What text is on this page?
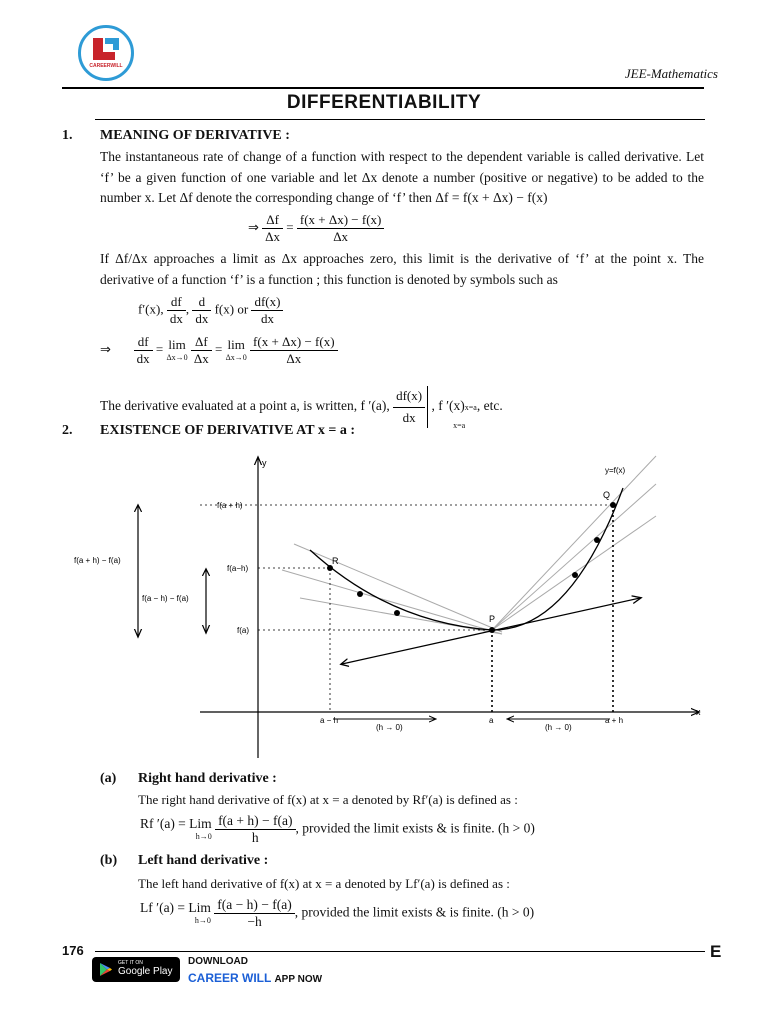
CAREERWILL	JEE-Mathematics
DIFFERENTIABILITY
1. MEANING OF DERIVATIVE :
The instantaneous rate of change of a function with respect to the dependent variable is called derivative. Let ‘f’ be a given function of one variable and let Δx denote a number (positive or negative) to be added to the number x. Let Δf denote the corresponding change of ‘f’ then Δf = f(x + Δx) − f(x)
⇒ $\frac{\Delta f}{\Delta x} = \frac{f(x + \Delta x) - f(x)}{\Delta x}$
If Δf/Δx approaches a limit as Δx approaches zero, this limit is the derivative of ‘f’ at the point x. The derivative of a function ‘f’ is a function ; this function is denoted by symbols such as
f′(x), $\frac{df}{dx}$ , $\frac{d}{dx} f(x)$ or $\frac{df(x)}{dx}$
⇒ $\frac{df}{dx} = \lim$
$\Delta x\to 0 \frac{\Delta f}{\Delta x} = \lim$
$\Delta x\to 0 \frac{f(x + \Delta x) - f(x)}{\Delta x}$
The derivative evaluated at a point a, is written, f ′(a), $\frac{df(x)}{dx}$	x=a
, f ′(x)x=a, etc.
2. EXISTENCE OF DERIVATIVE AT x = a :
y
x
y=f(x)
Q
R
P
f(a + h)
f(a−h)
f(a)
f(a + h) − f(a)
f(a − h) − f(a)
a − h	a	a + h
(h → 0)	(h → 0)
(a) Right hand derivative :
The right hand derivative of f(x) at x = a denoted by Rf′(a) is defined as :
Rf ′(a) = Lim
$h\to 0 \frac{f(a + h) - f(a)}{h}$ , provided the limit exists & is finite. (h > 0)
(b) Left hand derivative :
The left hand derivative of f(x) at x = a denoted by Lf′(a) is defined as :
Lf ′(a) = Lim
$h\to 0 \frac{f(a - h) - f(a)}{-h}$ , provided the limit exists & is finite. (h > 0)
176	E
GET IT ON
Google Play
DOWNLOAD
CAREER WILL APP NOW
